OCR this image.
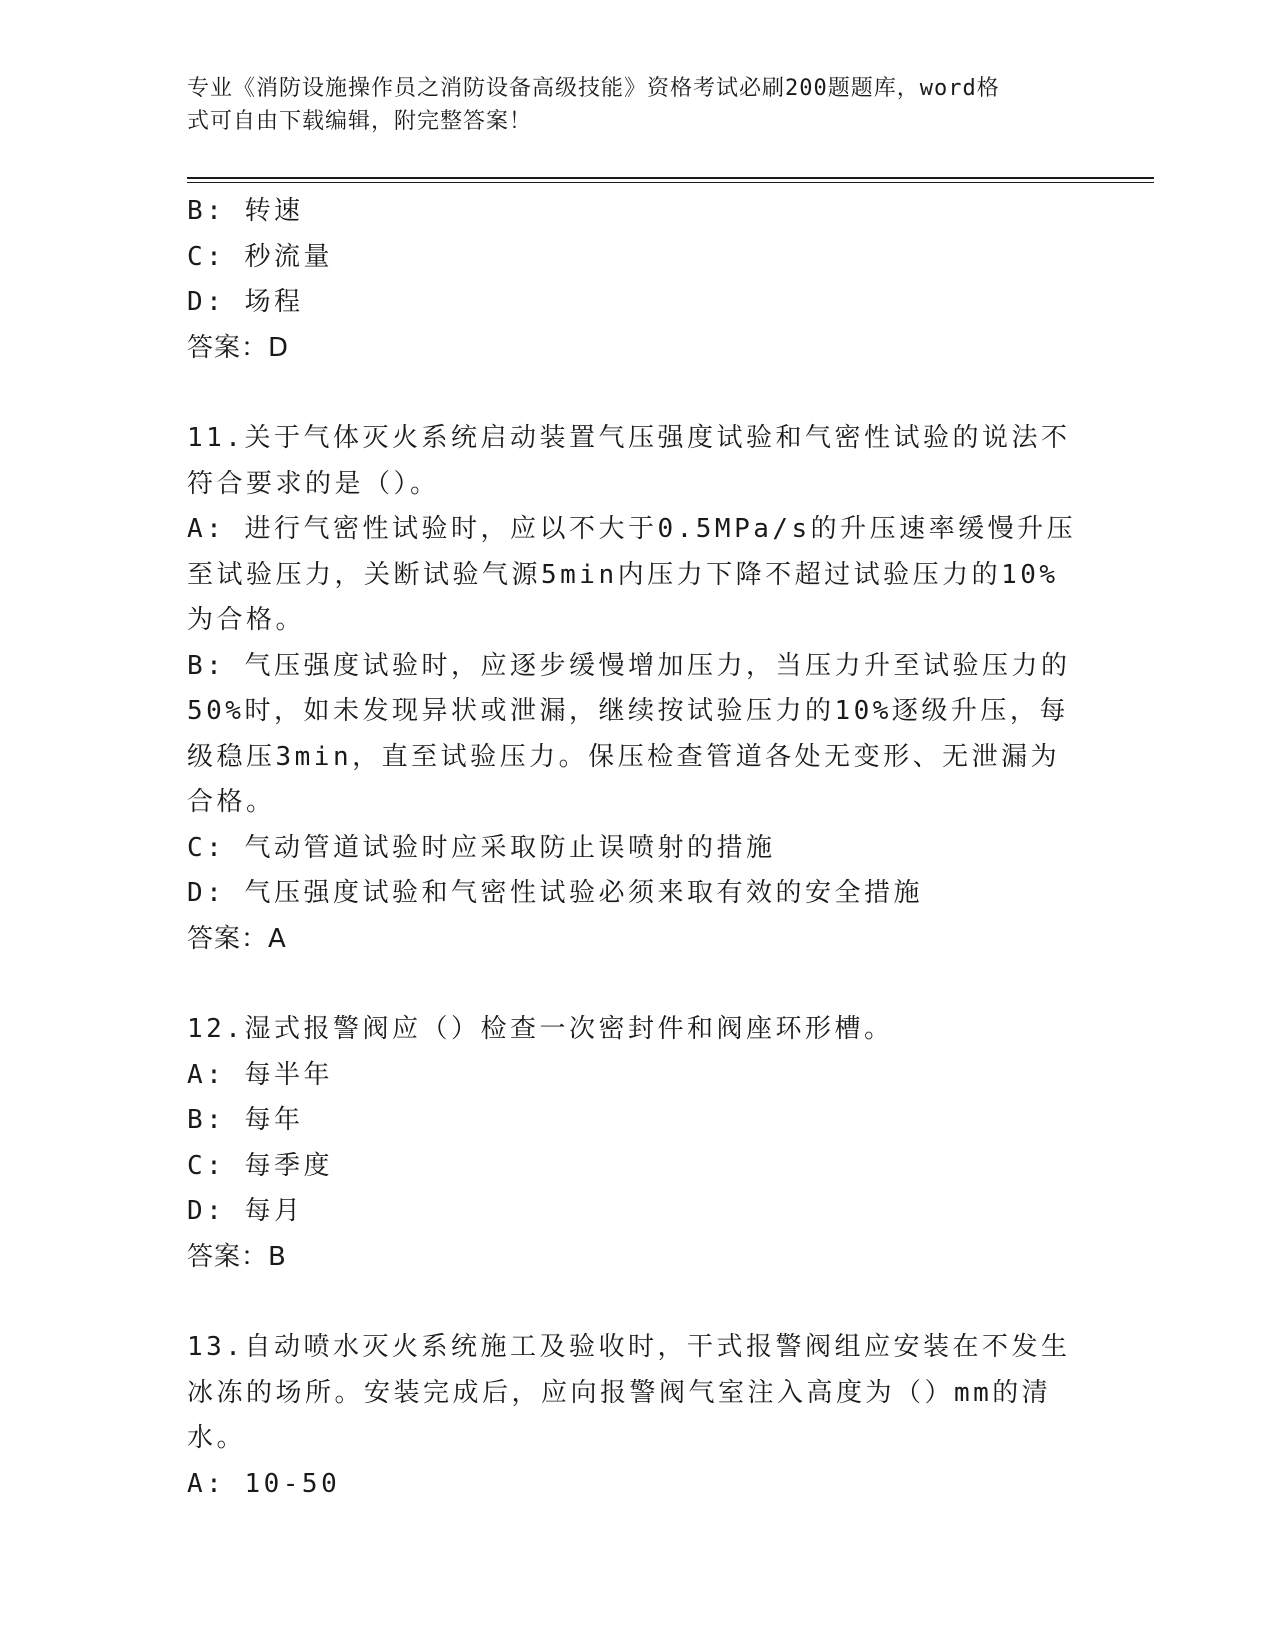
专业《消防设施操作员之消防设备高级技能》资格考试必刷200题题库，word格
式可自由下载编辑，附完整答案！

B: 转速

C: 秒流量

D: 场程

答案：D

11.关于气体灭火系统启动装置气压强度试验和气密性试验的说法不符合要求的是（）。

A: 进行气密性试验时，应以不大于0.5MPa/s的升压速率缓慢升压至试验压力，关断试验气源5min内压力下降不超过试验压力的10%为合格。

B: 气压强度试验时，应逐步缓慢增加压力，当压力升至试验压力的50%时，如未发现异状或泄漏，继续按试验压力的10%逐级升压，每级稳压3min，直至试验压力。保压检查管道各处无变形、无泄漏为合格。

C: 气动管道试验时应采取防止误喷射的措施

D: 气压强度试验和气密性试验必须来取有效的安全措施

答案：A

12.湿式报警阀应（）检查一次密封件和阀座环形槽。

A: 每半年

B: 每年

C: 每季度

D: 每月

答案：B

13.自动喷水灭火系统施工及验收时，干式报警阀组应安装在不发生冰冻的场所。安装完成后，应向报警阀气室注入高度为（）mm的清水。

A: 10-50
